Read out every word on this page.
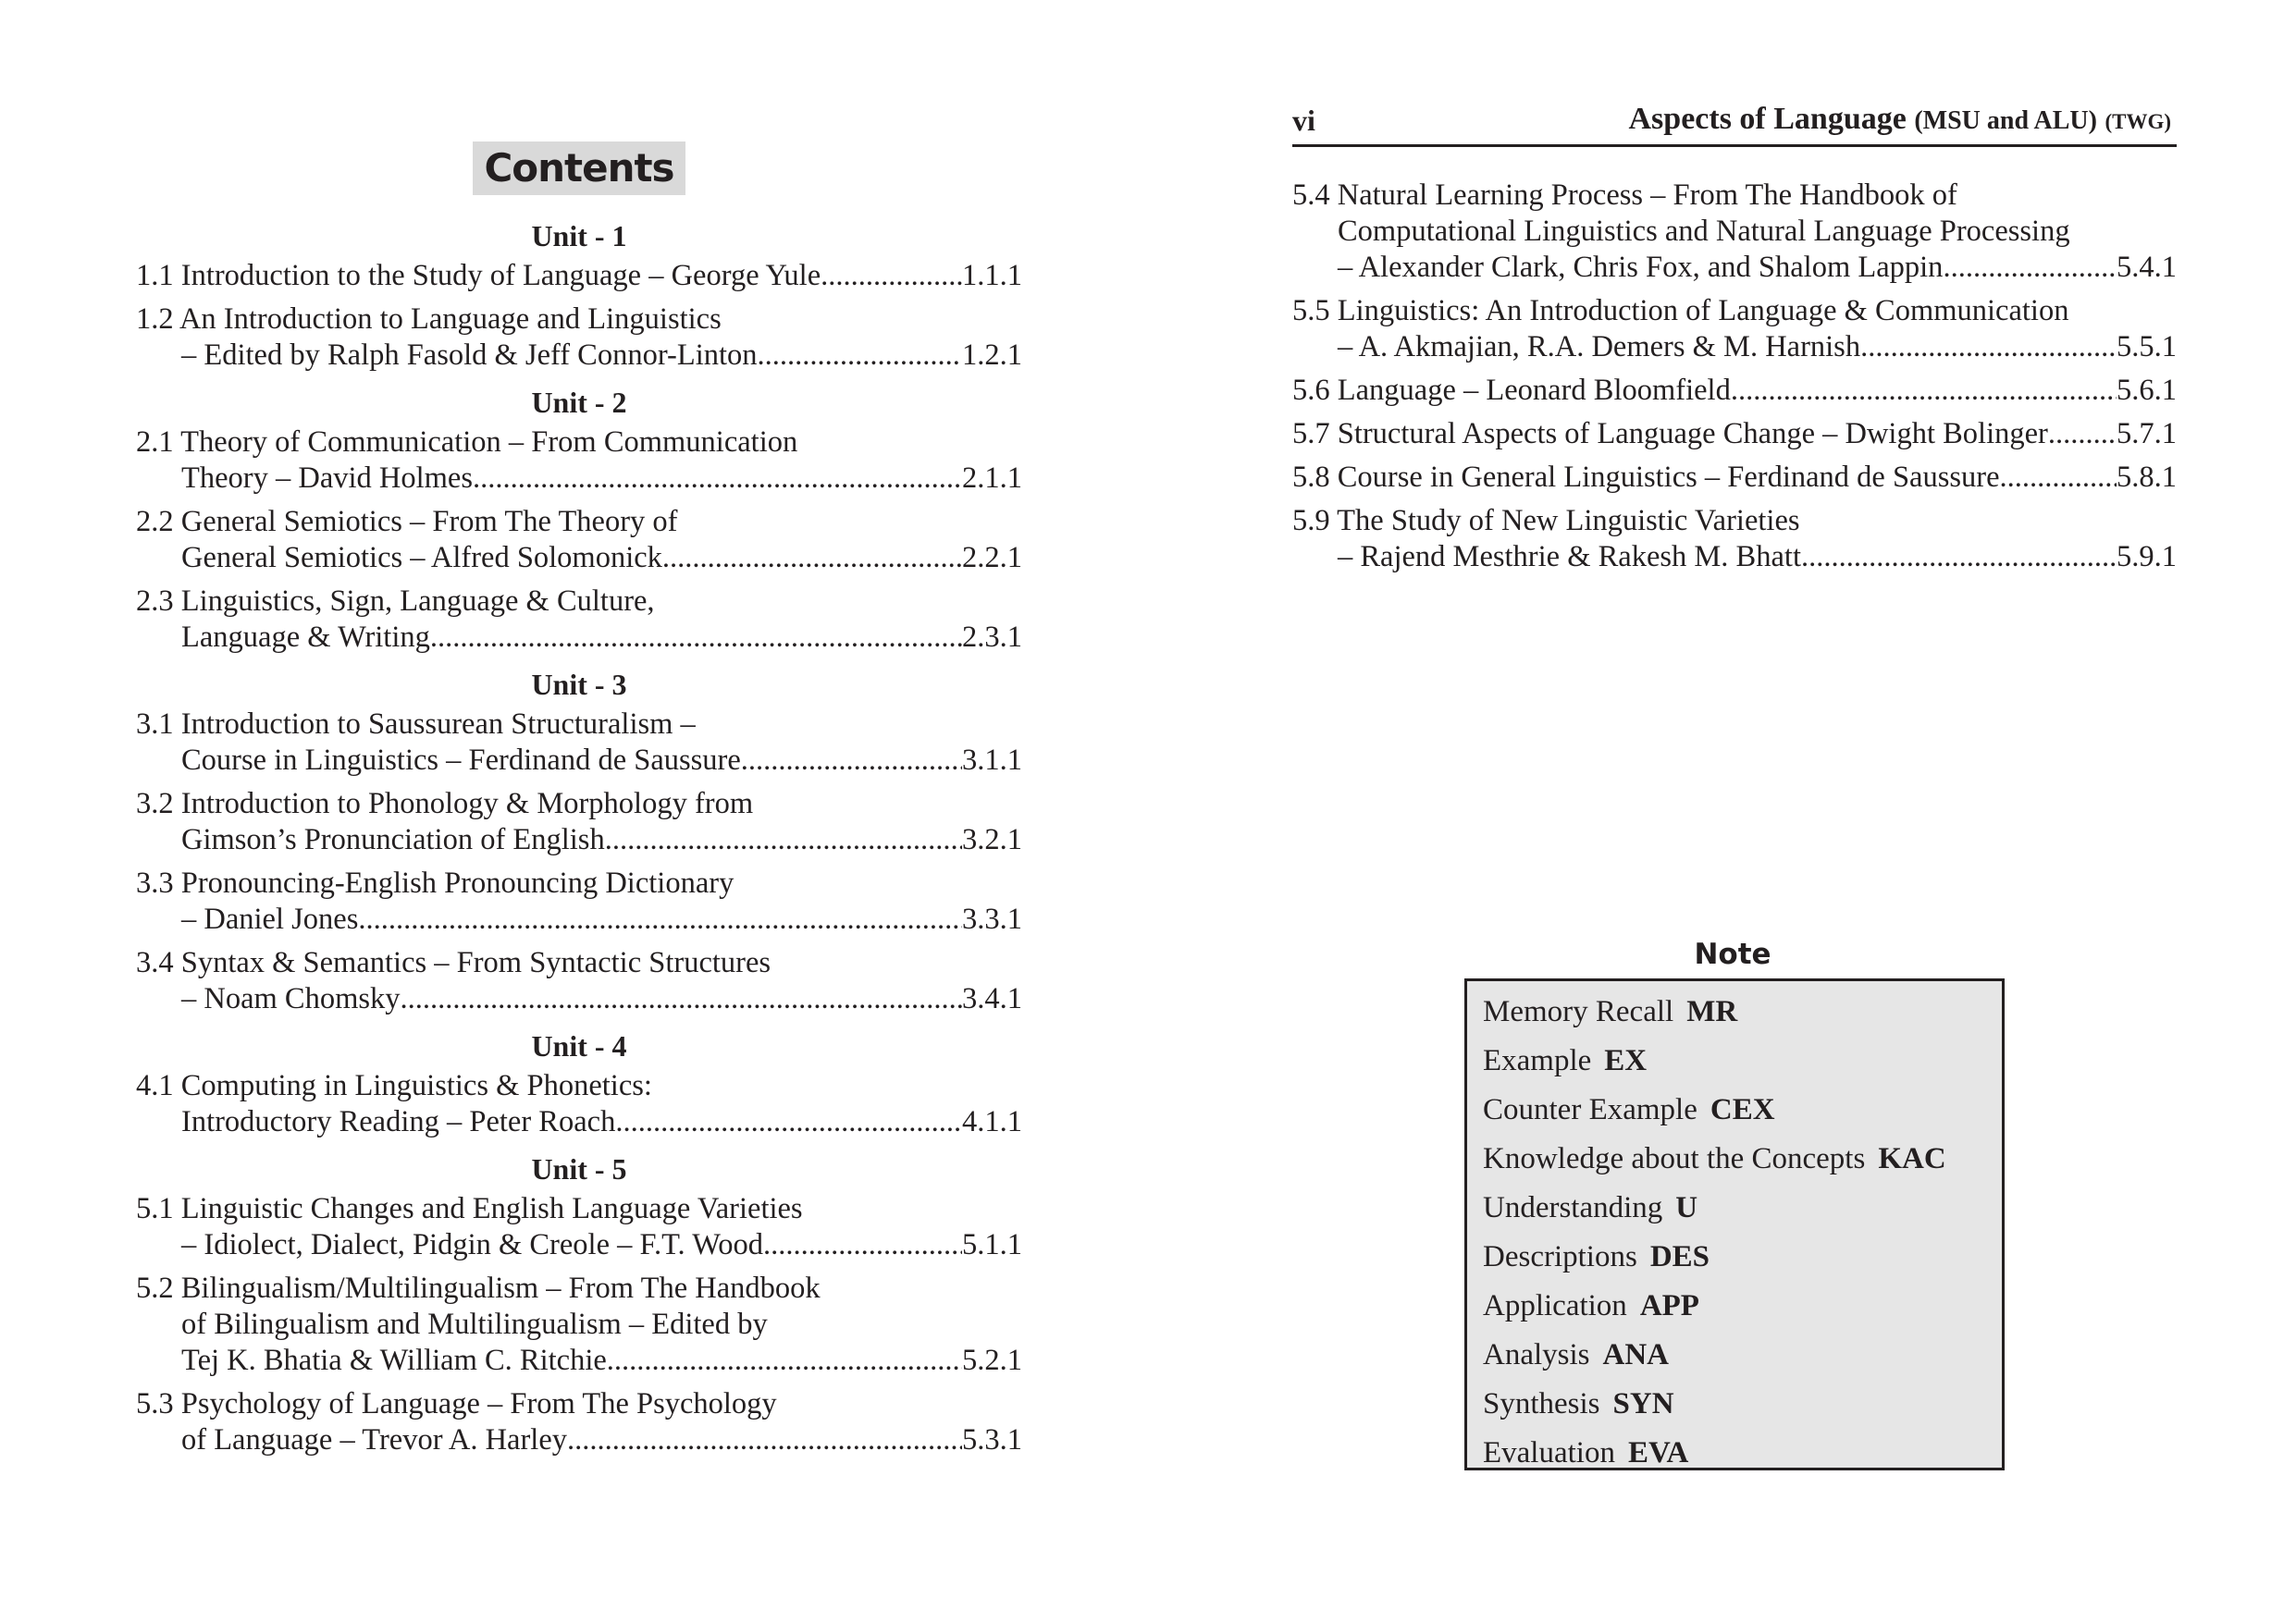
Contents
Unit - 1
1.1 Introduction to the Study of Language – George Yule .....	1.1.1
1.2 An Introduction to Language and Linguistics
– Edited by Ralph Fasold & Jeff Connor-Linton .....	1.2.1
Unit - 2
2.1 Theory of Communication – From Communication
Theory – David Holmes .....	2.1.1
2.2 General Semiotics – From The Theory of
General Semiotics – Alfred Solomonick .....	2.2.1
2.3 Linguistics, Sign, Language & Culture,
Language & Writing .....	2.3.1
Unit - 3
3.1 Introduction to Saussurean Structuralism –
Course in Linguistics – Ferdinand de Saussure .....	3.1.1
3.2 Introduction to Phonology & Morphology from
Gimson’s Pronunciation of English .....	3.2.1
3.3 Pronouncing-English Pronouncing Dictionary
– Daniel Jones .....	3.3.1
3.4 Syntax & Semantics – From Syntactic Structures
– Noam Chomsky .....	3.4.1
Unit - 4
4.1 Computing in Linguistics & Phonetics:
Introductory Reading – Peter Roach .....	4.1.1
Unit - 5
5.1 Linguistic Changes and English Language Varieties
– Idiolect, Dialect, Pidgin & Creole – F.T. Wood .....	5.1.1
5.2 Bilingualism/Multilingualism – From The Handbook
of Bilingualism and Multilingualism – Edited by
Tej K. Bhatia & William C. Ritchie .....	5.2.1
5.3 Psychology of Language – From The Psychology
of Language – Trevor A. Harley .....	5.3.1
vi	Aspects of Language (MSU and ALU) (TWG)
5.4 Natural Learning Process – From The Handbook of
Computational Linguistics and Natural Language Processing
– Alexander Clark, Chris Fox, and Shalom Lappin .....	5.4.1
5.5 Linguistics: An Introduction of Language & Communication
– A. Akmajian, R.A. Demers & M. Harnish .....	5.5.1
5.6 Language – Leonard Bloomfield .....	5.6.1
5.7 Structural Aspects of Language Change – Dwight Bolinger ..... 5.7.1
5.8 Course in General Linguistics – Ferdinand de Saussure .....	5.8.1
5.9 The Study of New Linguistic Varieties
– Rajend Mesthrie & Rakesh M. Bhatt .....	5.9.1
Note
Memory Recall MR
Example EX
Counter Example CEX
Knowledge about the Concepts KAC
Understanding U
Descriptions DES
Application APP
Analysis ANA
Synthesis SYN
Evaluation EVA
